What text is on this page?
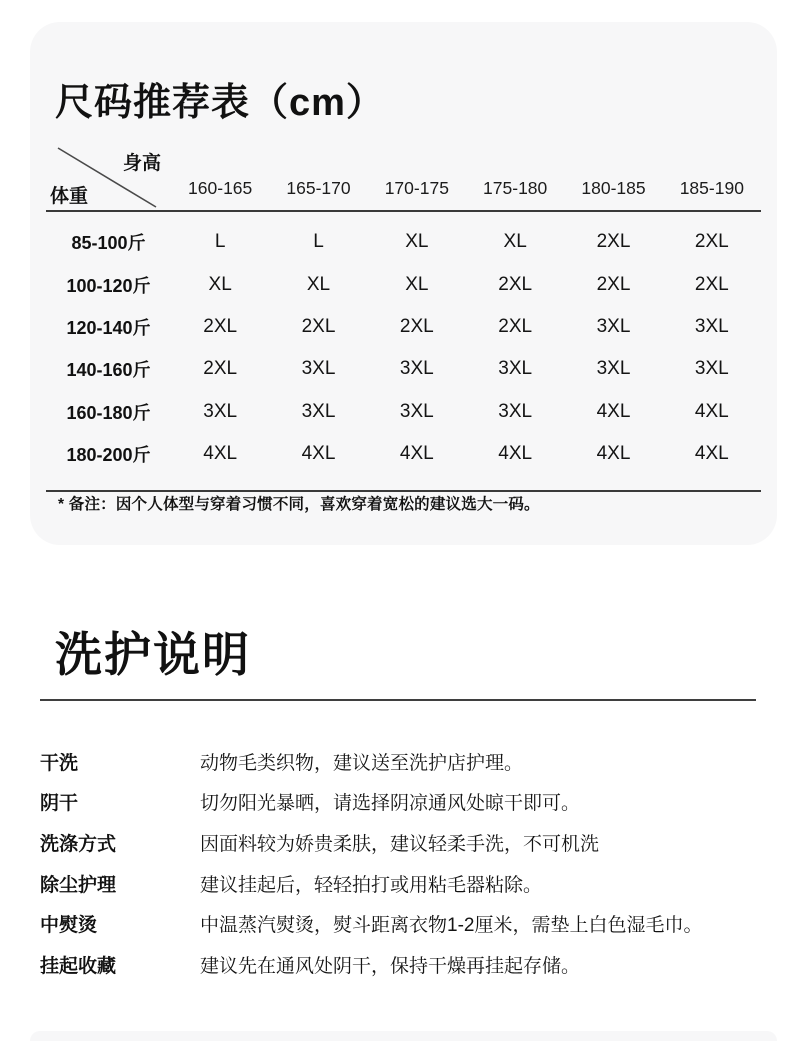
尺码推荐表（cm）
身高
体重	160-165	165-170	170-175	175-180	180-185	185-190
85-100斤	L	L	XL	XL	2XL	2XL
100-120斤	XL	XL	XL	2XL	2XL	2XL
120-140斤	2XL	2XL	2XL	2XL	3XL	3XL
140-160斤	2XL	3XL	3XL	3XL	3XL	3XL
160-180斤	3XL	3XL	3XL	3XL	4XL	4XL
180-200斤	4XL	4XL	4XL	4XL	4XL	4XL
* 备注：因个人体型与穿着习惯不同，喜欢穿着宽松的建议选大一码。
洗护说明
干洗	动物毛类织物，建议送至洗护店护理。
阴干	切勿阳光暴晒，请选择阴凉通风处晾干即可。
洗涤方式	因面料较为娇贵柔肤，建议轻柔手洗，不可机洗
除尘护理	建议挂起后，轻轻拍打或用粘毛器粘除。
中熨烫	中温蒸汽熨烫，熨斗距离衣物1-2厘米，需垫上白色湿毛巾。
挂起收藏	建议先在通风处阴干，保持干燥再挂起存储。
